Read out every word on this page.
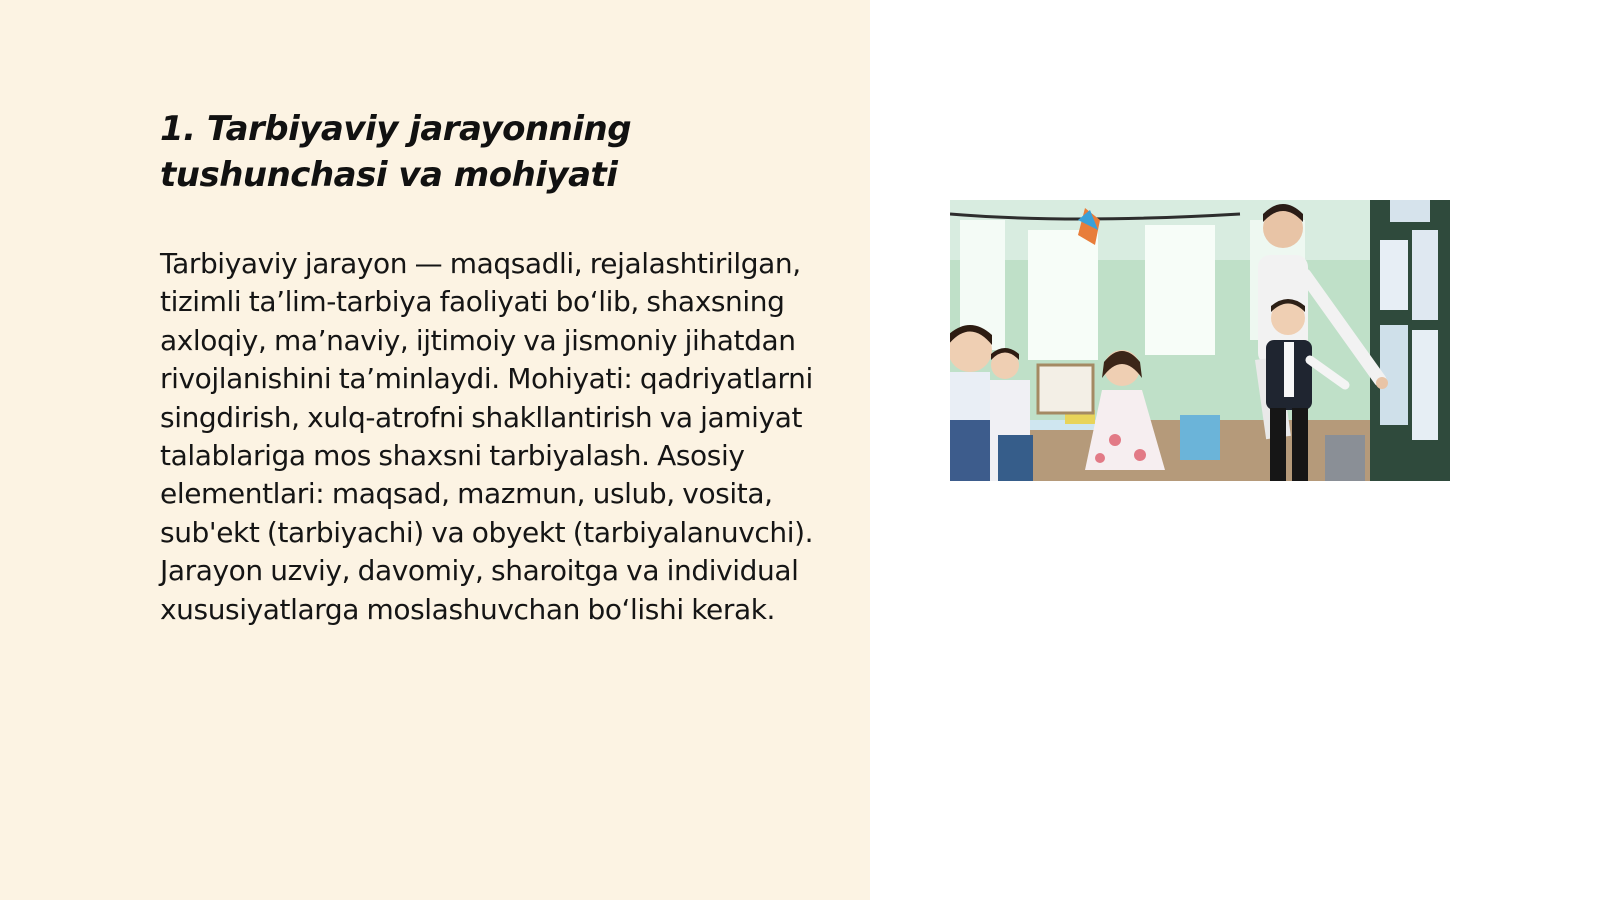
1. Tarbiyaviy jarayonning tushunchasi va mohiyati

Tarbiyaviy jarayon — maqsadli, rejalashtirilgan, tizimli ta’lim-tarbiya faoliyati bo‘lib, shaxsning axloqiy, ma’naviy, ijtimoiy va jismoniy jihatdan rivojlanishini ta’minlaydi. Mohiyati: qadriyatlarni singdirish, xulq-atrofni shakllantirish va jamiyat talablariga mos shaxsni tarbiyalash. Asosiy elementlari: maqsad, mazmun, uslub, vosita, sub'ekt (tarbiyachi) va obyekt (tarbiyalanuvchi). Jarayon uzviy, davomiy, sharoitga va individual xususiyatlarga moslashuvchan bo‘lishi kerak.
